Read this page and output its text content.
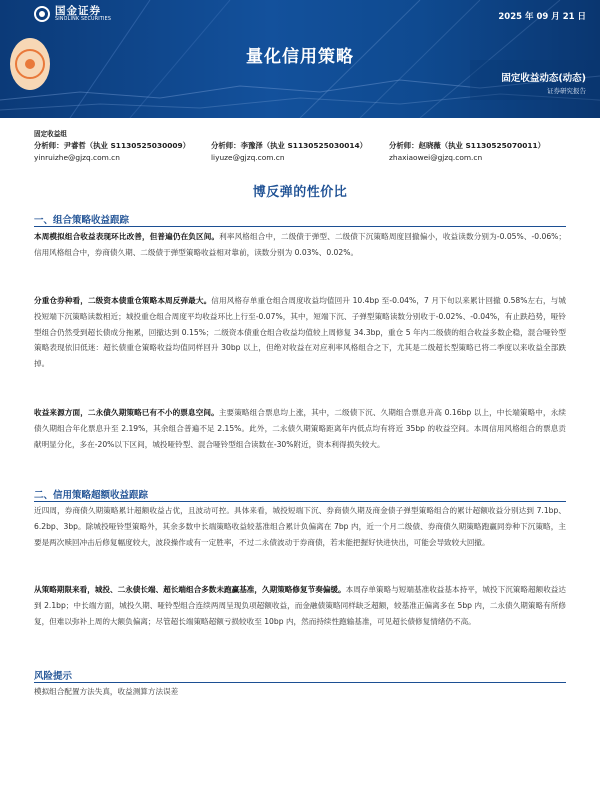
国金证券
SINOLINK SECURITIES	2025 年 09 月 21 日
量化信用策略
固定收益动态(动态)
证券研究报告
固定收益组
分析师：尹睿哲（执业 S1130525030009）
yinruizhe@gjzq.com.cn
分析师：李豫泽（执业 S1130525030014）
liyuze@gjzq.com.cn
分析师：赵晓薇（执业 S1130525070011）
zhaxiaowei@gjzq.com.cn
博反弹的性价比
一、组合策略收益跟踪

本周模拟组合收益表现环比改善，但普遍仍在负区间。利率风格组合中，二级债于弹型、二级债下沉策略周度回撤偏小，收益读数分别为-0.05%、-0.06%；信用风格组合中，券商债久期、二级债于弹型策略收益相对靠前，读数分别为 0.03%、0.02%。

分重仓券种看，二级资本债重仓策略本周反弹最大。信用风格存单重仓组合周度收益均值回升 10.4bp 至-0.04%，7 月下旬以来累计回撤 0.58%左右，与城投短端下沉策略读数相近；城投重仓组合周度平均收益环比上行至-0.07%，其中，短端下沉、子弹型策略读数分别收于-0.02%、-0.04%，有止跌趋势，哑铃型组合仍然受到超长债成分拖累，回撤达到 0.15%；二级资本债重仓组合收益均值较上周修复 34.3bp，重仓 5 年内二级债的组合收益多数企稳，混合哑铃型策略表现依旧低迷：超长债重仓策略收益均值同样回升 30bp 以上，但绝对收益在对应利率风格组合之下，尤其是二级超长型策略已将二季度以来收益全部跌掉。

收益来源方面，二永债久期策略已有不小的票息空间。主要策略组合票息均上涨，其中，二级债下沉、久期组合票息升高 0.16bp 以上，中长端策略中，永续债久期组合年化票息升至 2.19%，其余组合普遍不足 2.15%。此外，二永债久期策略距离年内低点均有将近 35bp 的收益空间。本周信用风格组合的票息贡献明显分化，多在-20%以下区间，城投哑铃型、混合哑铃型组合读数在-30%附近，资本利得损失较大。

二、信用策略超额收益跟踪

近四周，券商债久期策略累计超额收益占优，且波动可控。具体来看，城投短端下沉、券商债久期及商金债子弹型策略组合的累计超额收益分别达到 7.1bp、6.2bp、3bp。除城投哑铃型策略外，其余多数中长端策略收益较基准组合累计负偏离在 7bp 内，近一个月二级债、券商债久期策略跑赢同券种下沉策略，主要是两次赎回冲击后修复幅度较大，波段操作或有一定胜率，不过二永债波动于券商债，若未能把握好快进快出，可能会导致较大回撤。

从策略期限来看，城投、二永债长端、超长端组合多数未跑赢基准，久期策略修复节奏偏缓。本周存单策略与短端基准收益基本持平，城投下沉策略超额收益达到 2.1bp；中长端方面，城投久期、哑铃型组合连续两周呈现负项超额收益，而金融债策略同样缺乏超额，较基准正偏离多在 5bp 内，二永债久期策略有所修复，但难以弥补上周的大额负偏离；尽管超长端策略超额亏损较收至 10bp 内，然而持续性跑输基准，可见超长债修复情绪仍不高。

风险提示

模拟组合配置方法失真，收益测算方法误差
